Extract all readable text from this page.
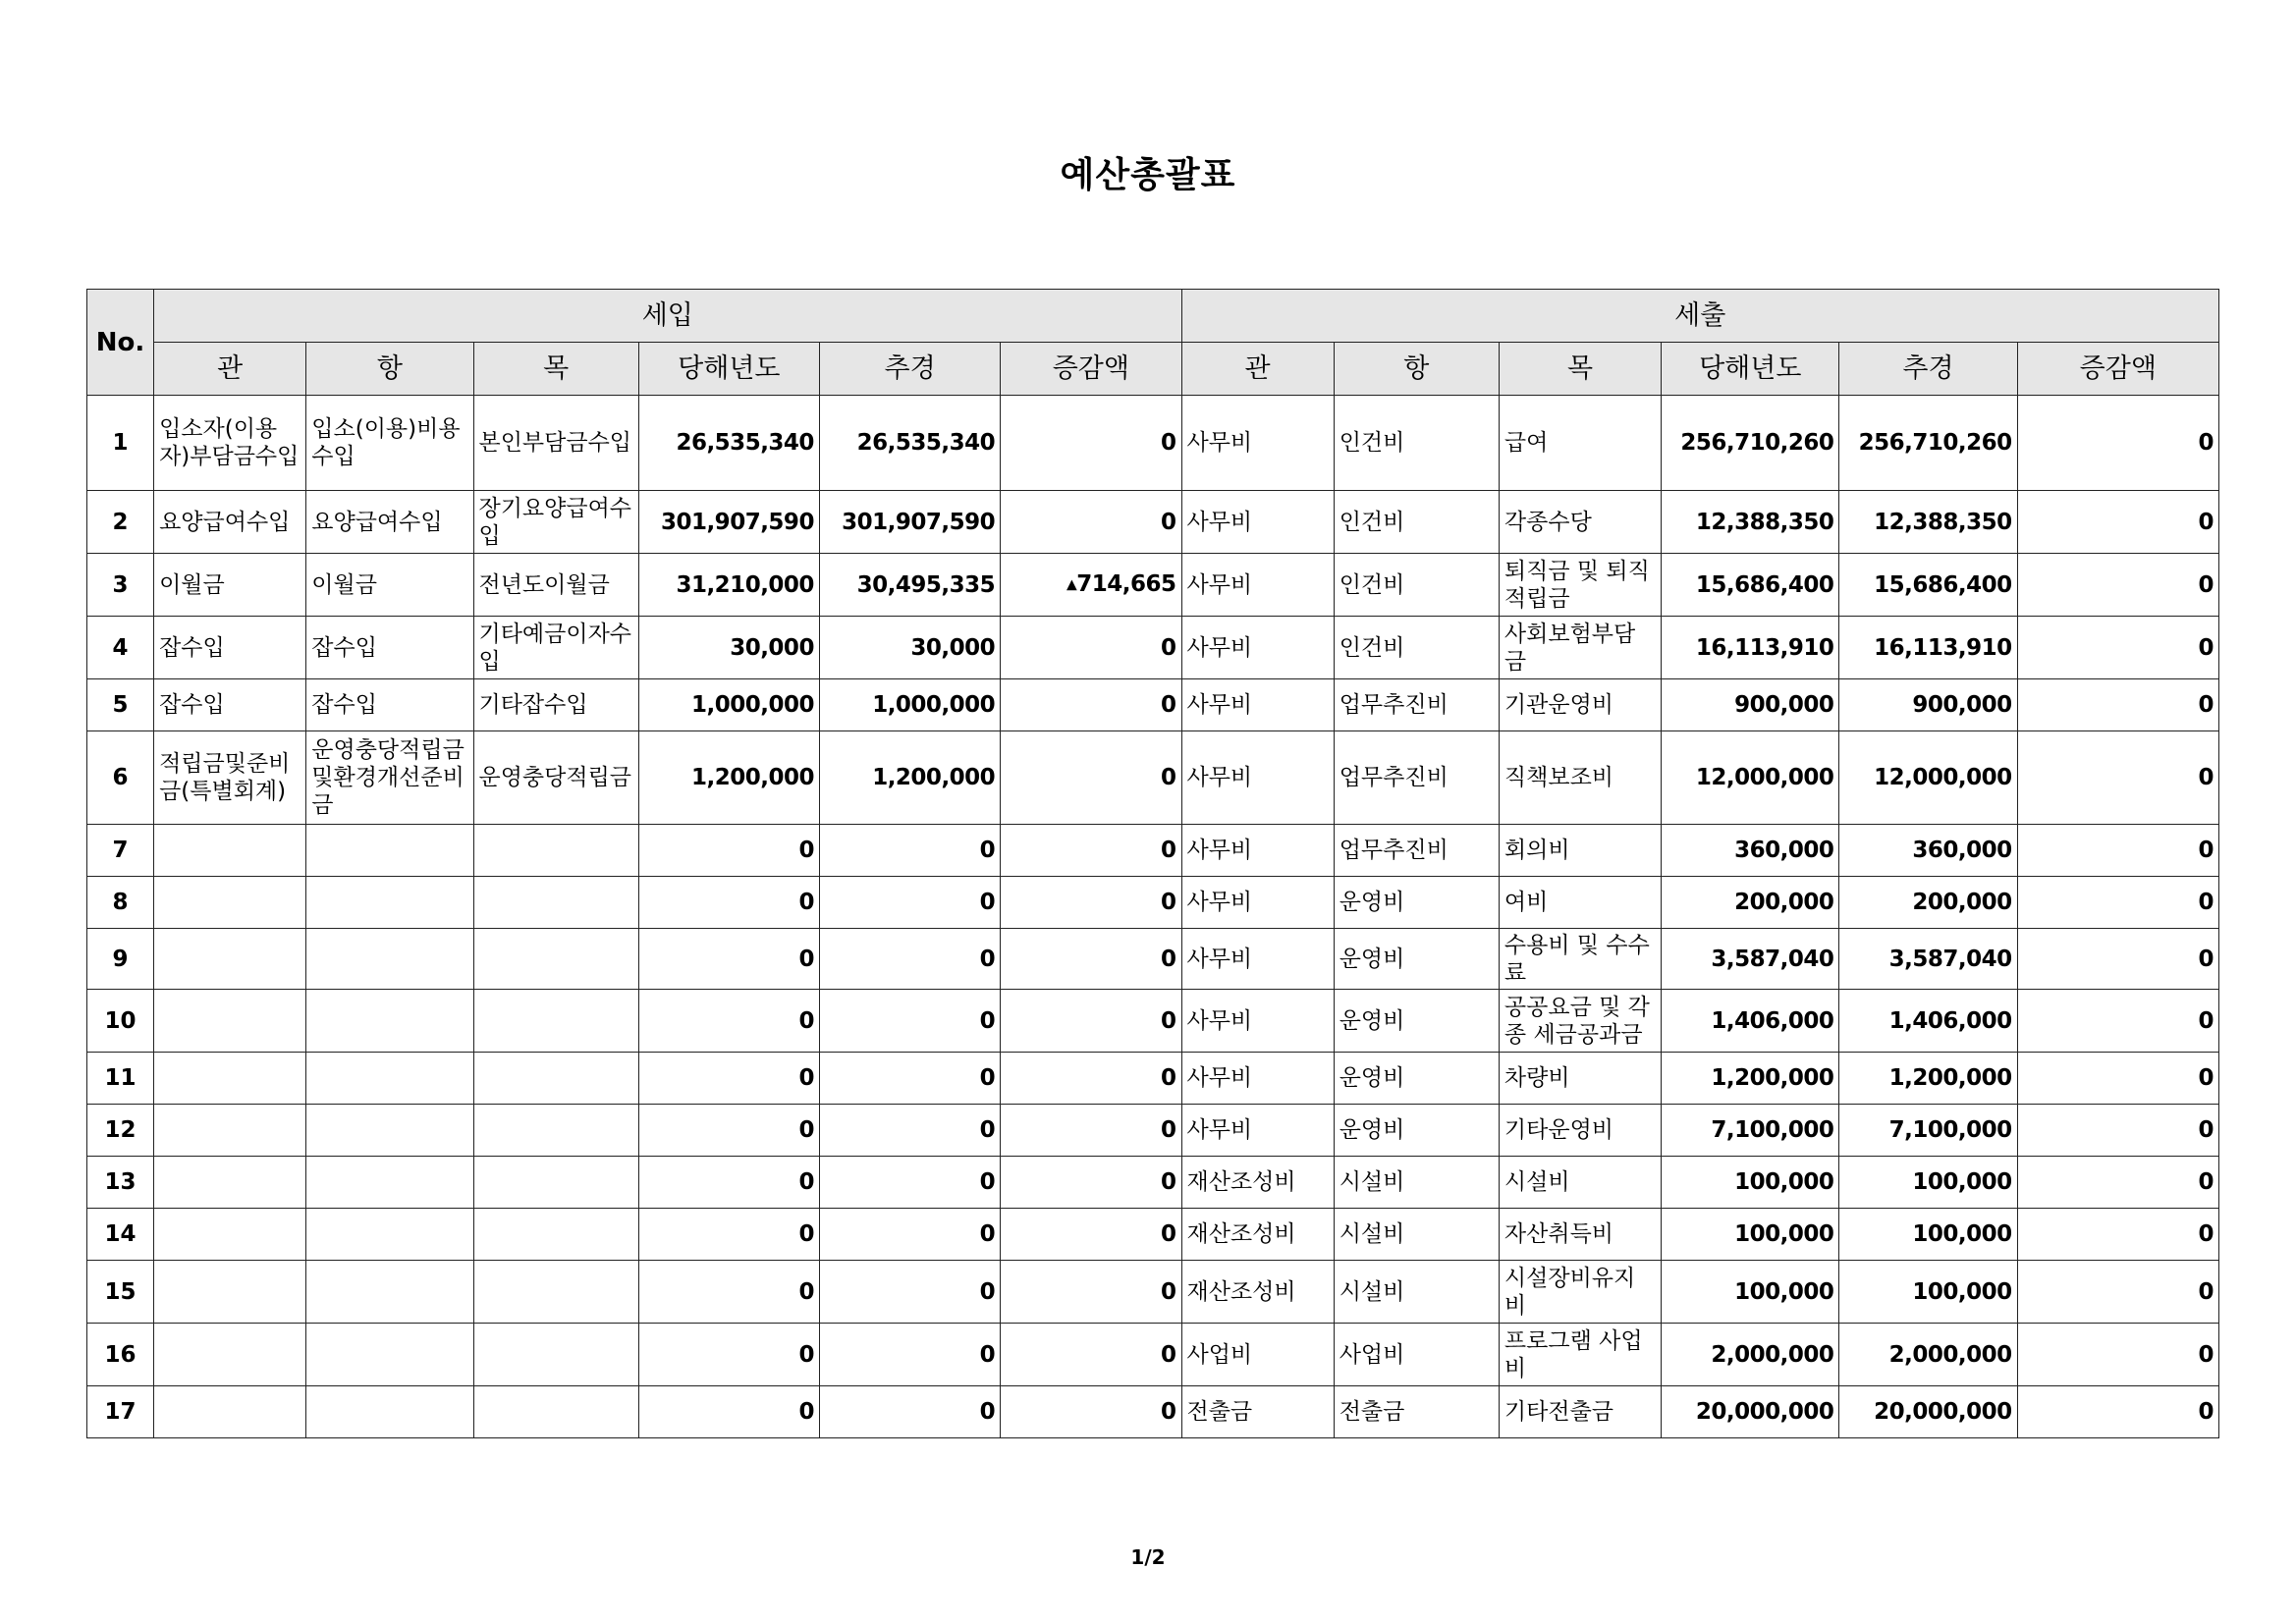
예산총괄표
No.	세입						세출					
	관	항	목	당해년도	추경	증감액	관	항	목	당해년도	추경	증감액
1	입소자(이용자)부담금수입	입소(이용)비용수입	본인부담금수입	26,535,340	26,535,340	0	사무비	인건비	급여	256,710,260	256,710,260	0
2	요양급여수입	요양급여수입	장기요양급여수입	301,907,590	301,907,590	0	사무비	인건비	각종수당	12,388,350	12,388,350	0
3	이월금	이월금	전년도이월금	31,210,000	30,495,335	▲714,665	사무비	인건비	퇴직금 및 퇴직적립금	15,686,400	15,686,400	0
4	잡수입	잡수입	기타예금이자수입	30,000	30,000	0	사무비	인건비	사회보험부담금	16,113,910	16,113,910	0
5	잡수입	잡수입	기타잡수입	1,000,000	1,000,000	0	사무비	업무추진비	기관운영비	900,000	900,000	0
6	적립금및준비금(특별회계)	운영충당적립금및환경개선준비금	운영충당적립금	1,200,000	1,200,000	0	사무비	업무추진비	직책보조비	12,000,000	12,000,000	0
7				0	0	0	사무비	업무추진비	회의비	360,000	360,000	0
8				0	0	0	사무비	운영비	여비	200,000	200,000	0
9				0	0	0	사무비	운영비	수용비 및 수수료	3,587,040	3,587,040	0
10				0	0	0	사무비	운영비	공공요금 및 각종 세금공과금	1,406,000	1,406,000	0
11				0	0	0	사무비	운영비	차량비	1,200,000	1,200,000	0
12				0	0	0	사무비	운영비	기타운영비	7,100,000	7,100,000	0
13				0	0	0	재산조성비	시설비	시설비	100,000	100,000	0
14				0	0	0	재산조성비	시설비	자산취득비	100,000	100,000	0
15				0	0	0	재산조성비	시설비	시설장비유지비	100,000	100,000	0
16				0	0	0	사업비	사업비	프로그램 사업비	2,000,000	2,000,000	0
17				0	0	0	전출금	전출금	기타전출금	20,000,000	20,000,000	0
1/2
